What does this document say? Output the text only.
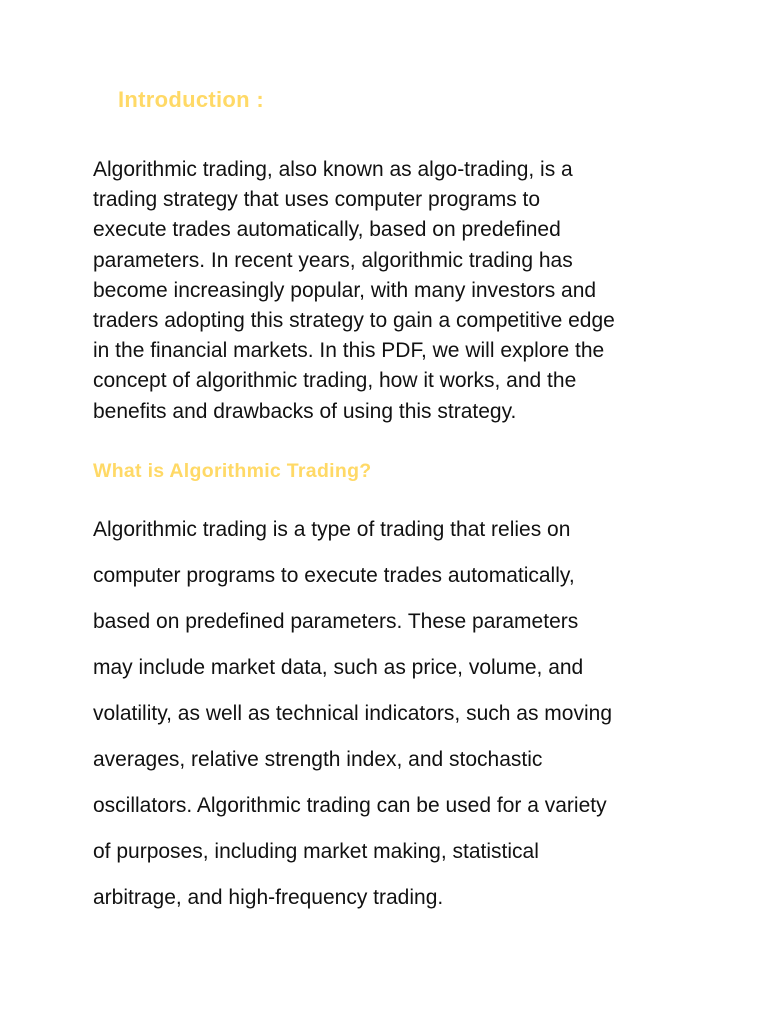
Introduction :

Algorithmic trading, also known as algo-trading, is a
trading strategy that uses computer programs to
execute trades automatically, based on predefined
parameters. In recent years, algorithmic trading has
become increasingly popular, with many investors and
traders adopting this strategy to gain a competitive edge
in the financial markets. In this PDF, we will explore the
concept of algorithmic trading, how it works, and the
benefits and drawbacks of using this strategy.

What is Algorithmic Trading?

Algorithmic trading is a type of trading that relies on
computer programs to execute trades automatically,
based on predefined parameters. These parameters
may include market data, such as price, volume, and
volatility, as well as technical indicators, such as moving
averages, relative strength index, and stochastic
oscillators. Algorithmic trading can be used for a variety
of purposes, including market making, statistical
arbitrage, and high-frequency trading.
